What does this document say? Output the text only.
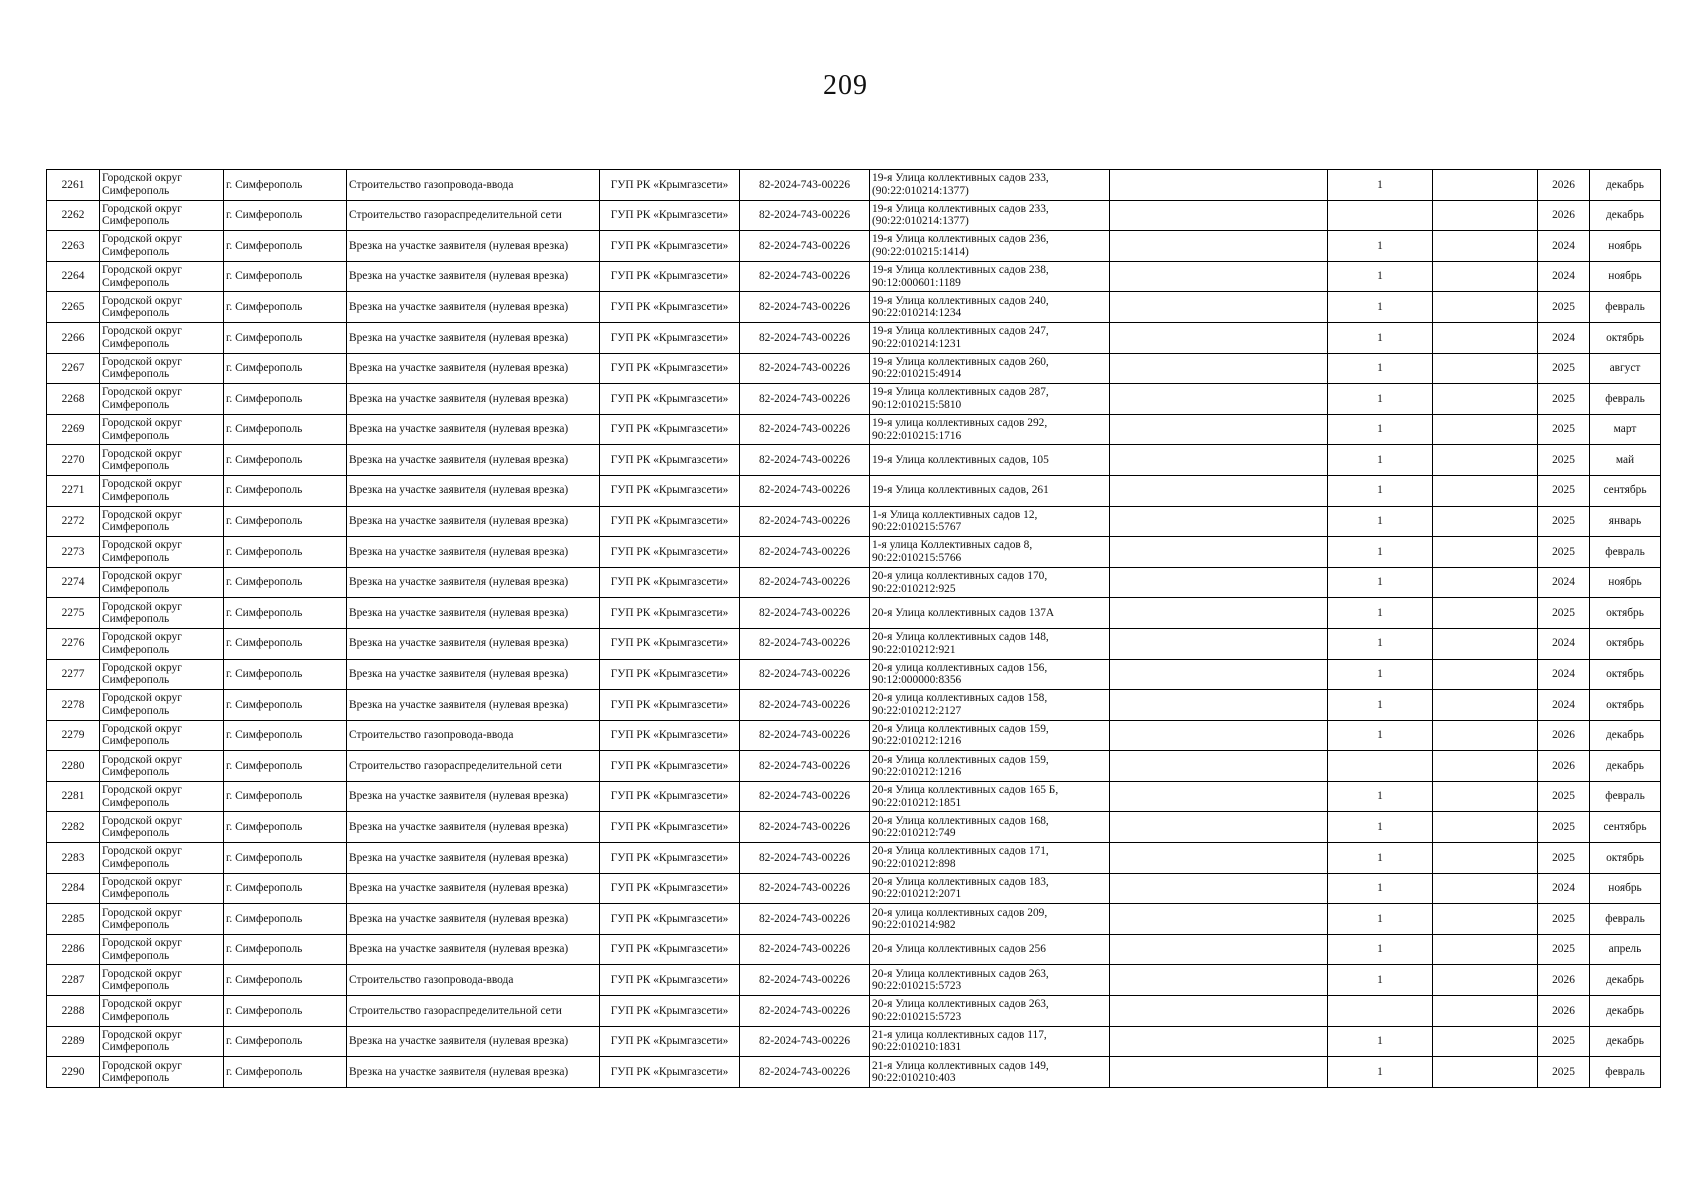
209
2261	Городской округ Симферополь	г. Симферополь	Строительство газопровода-ввода	ГУП РК «Крымгазсети»	82-2024-743-00226	19-я Улица коллективных садов 233, (90:22:010214:1377)		1		2026	декабрь
2262	Городской округ Симферополь	г. Симферополь	Строительство газораспределительной сети	ГУП РК «Крымгазсети»	82-2024-743-00226	19-я Улица коллективных садов 233, (90:22:010214:1377)				2026	декабрь
2263	Городской округ Симферополь	г. Симферополь	Врезка на участке заявителя (нулевая врезка)	ГУП РК «Крымгазсети»	82-2024-743-00226	19-я Улица коллективных садов 236, (90:22:010215:1414)		1		2024	ноябрь
2264	Городской округ Симферополь	г. Симферополь	Врезка на участке заявителя (нулевая врезка)	ГУП РК «Крымгазсети»	82-2024-743-00226	19-я Улица коллективных садов 238, 90:12:000601:1189		1		2024	ноябрь
2265	Городской округ Симферополь	г. Симферополь	Врезка на участке заявителя (нулевая врезка)	ГУП РК «Крымгазсети»	82-2024-743-00226	19-я Улица коллективных садов 240, 90:22:010214:1234		1		2025	февраль
2266	Городской округ Симферополь	г. Симферополь	Врезка на участке заявителя (нулевая врезка)	ГУП РК «Крымгазсети»	82-2024-743-00226	19-я Улица коллективных садов 247, 90:22:010214:1231		1		2024	октябрь
2267	Городской округ Симферополь	г. Симферополь	Врезка на участке заявителя (нулевая врезка)	ГУП РК «Крымгазсети»	82-2024-743-00226	19-я Улица коллективных садов 260, 90:22:010215:4914		1		2025	август
2268	Городской округ Симферополь	г. Симферополь	Врезка на участке заявителя (нулевая врезка)	ГУП РК «Крымгазсети»	82-2024-743-00226	19-я Улица коллективных садов 287, 90:12:010215:5810		1		2025	февраль
2269	Городской округ Симферополь	г. Симферополь	Врезка на участке заявителя (нулевая врезка)	ГУП РК «Крымгазсети»	82-2024-743-00226	19-я улица коллективных садов 292, 90:22:010215:1716		1		2025	март
2270	Городской округ Симферополь	г. Симферополь	Врезка на участке заявителя (нулевая врезка)	ГУП РК «Крымгазсети»	82-2024-743-00226	19-я Улица коллективных садов, 105		1		2025	май
2271	Городской округ Симферополь	г. Симферополь	Врезка на участке заявителя (нулевая врезка)	ГУП РК «Крымгазсети»	82-2024-743-00226	19-я Улица коллективных садов, 261		1		2025	сентябрь
2272	Городской округ Симферополь	г. Симферополь	Врезка на участке заявителя (нулевая врезка)	ГУП РК «Крымгазсети»	82-2024-743-00226	1-я Улица коллективных садов 12, 90:22:010215:5767		1		2025	январь
2273	Городской округ Симферополь	г. Симферополь	Врезка на участке заявителя (нулевая врезка)	ГУП РК «Крымгазсети»	82-2024-743-00226	1-я улица Коллективных садов 8, 90:22:010215:5766		1		2025	февраль
2274	Городской округ Симферополь	г. Симферополь	Врезка на участке заявителя (нулевая врезка)	ГУП РК «Крымгазсети»	82-2024-743-00226	20-я улица коллективных садов 170, 90:22:010212:925		1		2024	ноябрь
2275	Городской округ Симферополь	г. Симферополь	Врезка на участке заявителя (нулевая врезка)	ГУП РК «Крымгазсети»	82-2024-743-00226	20-я Улица коллективных садов 137А		1		2025	октябрь
2276	Городской округ Симферополь	г. Симферополь	Врезка на участке заявителя (нулевая врезка)	ГУП РК «Крымгазсети»	82-2024-743-00226	20-я Улица коллективных садов 148, 90:22:010212:921		1		2024	октябрь
2277	Городской округ Симферополь	г. Симферополь	Врезка на участке заявителя (нулевая врезка)	ГУП РК «Крымгазсети»	82-2024-743-00226	20-я улица коллективных садов 156, 90:12:000000:8356		1		2024	октябрь
2278	Городской округ Симферополь	г. Симферополь	Врезка на участке заявителя (нулевая врезка)	ГУП РК «Крымгазсети»	82-2024-743-00226	20-я улица коллективных садов 158, 90:22:010212:2127		1		2024	октябрь
2279	Городской округ Симферополь	г. Симферополь	Строительство газопровода-ввода	ГУП РК «Крымгазсети»	82-2024-743-00226	20-я Улица коллективных садов 159, 90:22:010212:1216		1		2026	декабрь
2280	Городской округ Симферополь	г. Симферополь	Строительство газораспределительной сети	ГУП РК «Крымгазсети»	82-2024-743-00226	20-я Улица коллективных садов 159, 90:22:010212:1216				2026	декабрь
2281	Городской округ Симферополь	г. Симферополь	Врезка на участке заявителя (нулевая врезка)	ГУП РК «Крымгазсети»	82-2024-743-00226	20-я Улица коллективных садов 165 Б, 90:22:010212:1851		1		2025	февраль
2282	Городской округ Симферополь	г. Симферополь	Врезка на участке заявителя (нулевая врезка)	ГУП РК «Крымгазсети»	82-2024-743-00226	20-я Улица коллективных садов 168, 90:22:010212:749		1		2025	сентябрь
2283	Городской округ Симферополь	г. Симферополь	Врезка на участке заявителя (нулевая врезка)	ГУП РК «Крымгазсети»	82-2024-743-00226	20-я Улица коллективных садов 171, 90:22:010212:898		1		2025	октябрь
2284	Городской округ Симферополь	г. Симферополь	Врезка на участке заявителя (нулевая врезка)	ГУП РК «Крымгазсети»	82-2024-743-00226	20-я Улица коллективных садов 183, 90:22:010212:2071		1		2024	ноябрь
2285	Городской округ Симферополь	г. Симферополь	Врезка на участке заявителя (нулевая врезка)	ГУП РК «Крымгазсети»	82-2024-743-00226	20-я улица коллективных садов 209, 90:22:010214:982		1		2025	февраль
2286	Городской округ Симферополь	г. Симферополь	Врезка на участке заявителя (нулевая врезка)	ГУП РК «Крымгазсети»	82-2024-743-00226	20-я Улица коллективных садов 256		1		2025	апрель
2287	Городской округ Симферополь	г. Симферополь	Строительство газопровода-ввода	ГУП РК «Крымгазсети»	82-2024-743-00226	20-я Улица коллективных садов 263, 90:22:010215:5723		1		2026	декабрь
2288	Городской округ Симферополь	г. Симферополь	Строительство газораспределительной сети	ГУП РК «Крымгазсети»	82-2024-743-00226	20-я Улица коллективных садов 263, 90:22:010215:5723				2026	декабрь
2289	Городской округ Симферополь	г. Симферополь	Врезка на участке заявителя (нулевая врезка)	ГУП РК «Крымгазсети»	82-2024-743-00226	21-я улица коллективных садов 117, 90:22:010210:1831		1		2025	декабрь
2290	Городской округ Симферополь	г. Симферополь	Врезка на участке заявителя (нулевая врезка)	ГУП РК «Крымгазсети»	82-2024-743-00226	21-я Улица коллективных садов 149, 90:22:010210:403		1		2025	февраль
